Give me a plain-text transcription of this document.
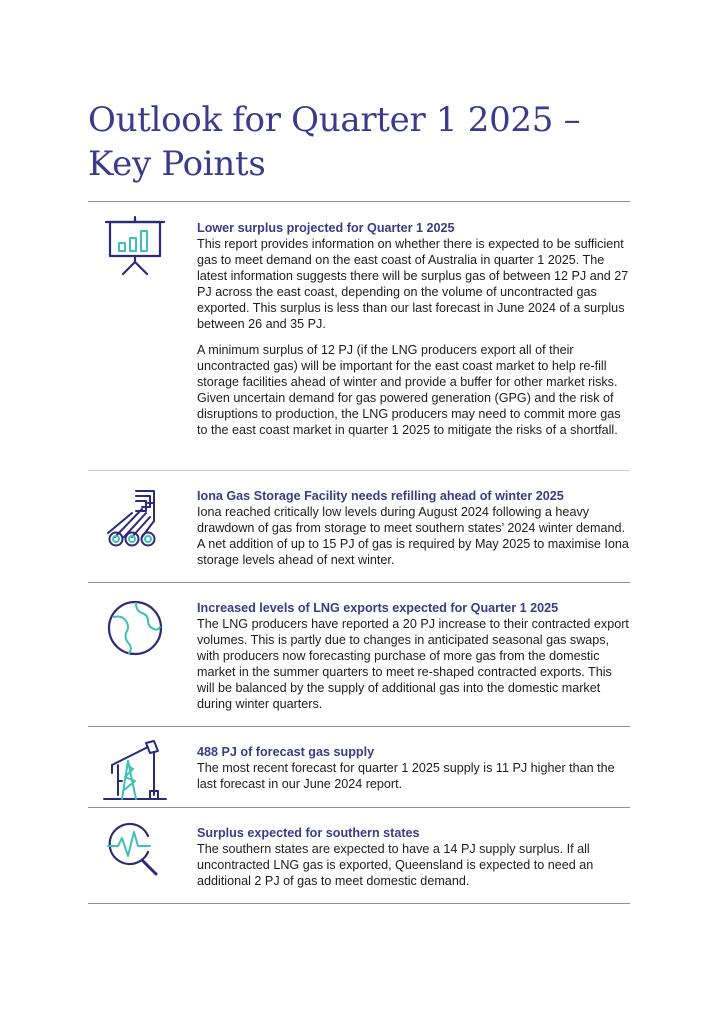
Outlook for Quarter 1 2025 –
Key Points
Lower surplus projected for Quarter 1 2025

This report provides information on whether there is expected to be sufficient gas to meet demand on the east coast of Australia in quarter 1 2025. The latest information suggests there will be surplus gas of between 12 PJ and 27 PJ across the east coast, depending on the volume of uncontracted gas exported. This surplus is less than our last forecast in June 2024 of a surplus between 26 and 35 PJ.

A minimum surplus of 12 PJ (if the LNG producers export all of their uncontracted gas) will be important for the east coast market to help re-fill storage facilities ahead of winter and provide a buffer for other market risks. Given uncertain demand for gas powered generation (GPG) and the risk of disruptions to production, the LNG producers may need to commit more gas to the east coast market in quarter 1 2025 to mitigate the risks of a shortfall.

Iona Gas Storage Facility needs refilling ahead of winter 2025

Iona reached critically low levels during August 2024 following a heavy drawdown of gas from storage to meet southern states’ 2024 winter demand. A net addition of up to 15 PJ of gas is required by May 2025 to maximise Iona storage levels ahead of next winter.

Increased levels of LNG exports expected for Quarter 1 2025

The LNG producers have reported a 20 PJ increase to their contracted export volumes. This is partly due to changes in anticipated seasonal gas swaps, with producers now forecasting purchase of more gas from the domestic market in the summer quarters to meet re-shaped contracted exports. This will be balanced by the supply of additional gas into the domestic market during winter quarters.

488 PJ of forecast gas supply

The most recent forecast for quarter 1 2025 supply is 11 PJ higher than the last forecast in our June 2024 report.

Surplus expected for southern states

The southern states are expected to have a 14 PJ supply surplus. If all uncontracted LNG gas is exported, Queensland is expected to need an additional 2 PJ of gas to meet domestic demand.
